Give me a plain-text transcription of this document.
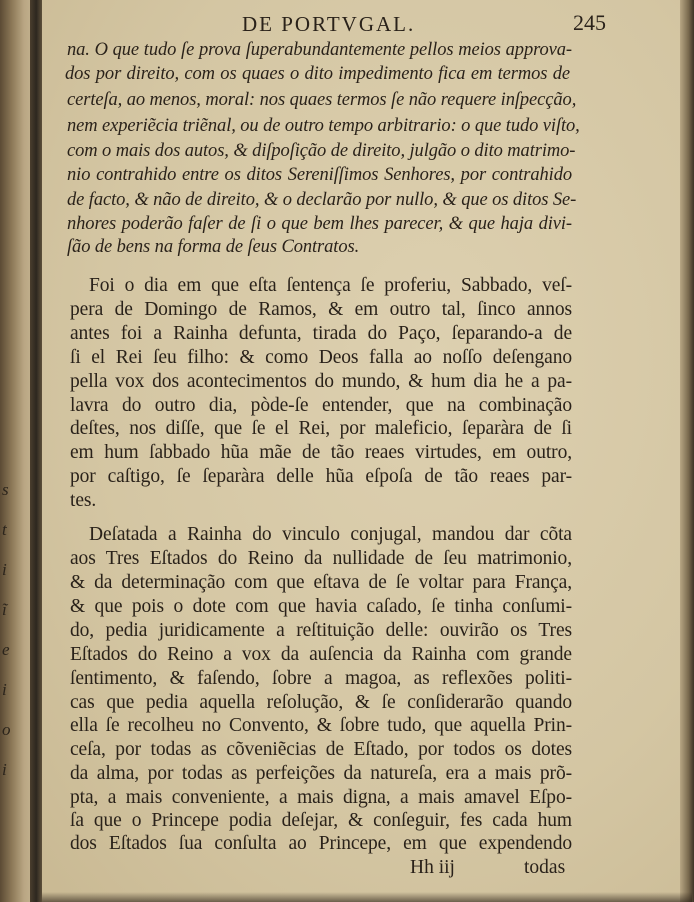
s
t
i
ĩ
e
i
o
i
DE PORTVGAL.	245
na. O que tudo ſe prova ſuperabundantemente pellos meios approva-
dos por direito, com os quaes o dito impedimento fica em termos de
certeſa, ao menos, moral: nos quaes termos ſe não requere inſpecção,
nem experiẽcia triẽnal, ou de outro tempo arbitrario: o que tudo viſto,
com o mais dos autos, & diſpoſição de direito, julgão o dito matrimo-
nio contrahido entre os ditos Sereniſſimos Senhores, por contrahido
de facto, & não de direito, & o declarão por nullo, & que os ditos Se-
nhores poderão faſer de ſi o que bem lhes parecer, & que haja divi-
ſão de bens na forma de ſeus Contratos.
Foi o dia em que eſta ſentença ſe proferiu, Sabbado, veſ-
pera de Domingo de Ramos, & em outro tal, ſinco annos
antes foi a Rainha defunta, tirada do Paço, ſeparando-a de
ſi el Rei ſeu filho: & como Deos falla ao noſſo deſengano
pella vox dos acontecimentos do mundo, & hum dia he a pa-
lavra do outro dia, pòde-ſe entender, que na combinação
deſtes, nos diſſe, que ſe el Rei, por maleficio, ſeparàra de ſi
em hum ſabbado hũa mãe de tão reaes virtudes, em outro,
por caſtigo, ſe ſeparàra delle hũa eſpoſa de tão reaes par-
tes.
Deſatada a Rainha do vinculo conjugal, mandou dar cõta
aos Tres Eſtados do Reino da nullidade de ſeu matrimonio,
& da determinação com que eſtava de ſe voltar para França,
& que pois o dote com que havia caſado, ſe tinha conſumi-
do, pedia juridicamente a reſtituição delle: ouvirão os Tres
Eſtados do Reino a vox da auſencia da Rainha com grande
ſentimento, & faſendo, ſobre a magoa, as reflexões politi-
cas que pedia aquella reſolução, & ſe conſiderarão quando
ella ſe recolheu no Convento, & ſobre tudo, que aquella Prin-
ceſa, por todas as cõveniẽcias de Eſtado, por todos os dotes
da alma, por todas as perfeições da natureſa, era a mais prõ-
pta, a mais conveniente, a mais digna, a mais amavel Eſpo-
ſa que o Princepe podia deſejar, & conſeguir, fes cada hum
dos Eſtados ſua conſulta ao Princepe, em que expendendo
Hh iij	todas
